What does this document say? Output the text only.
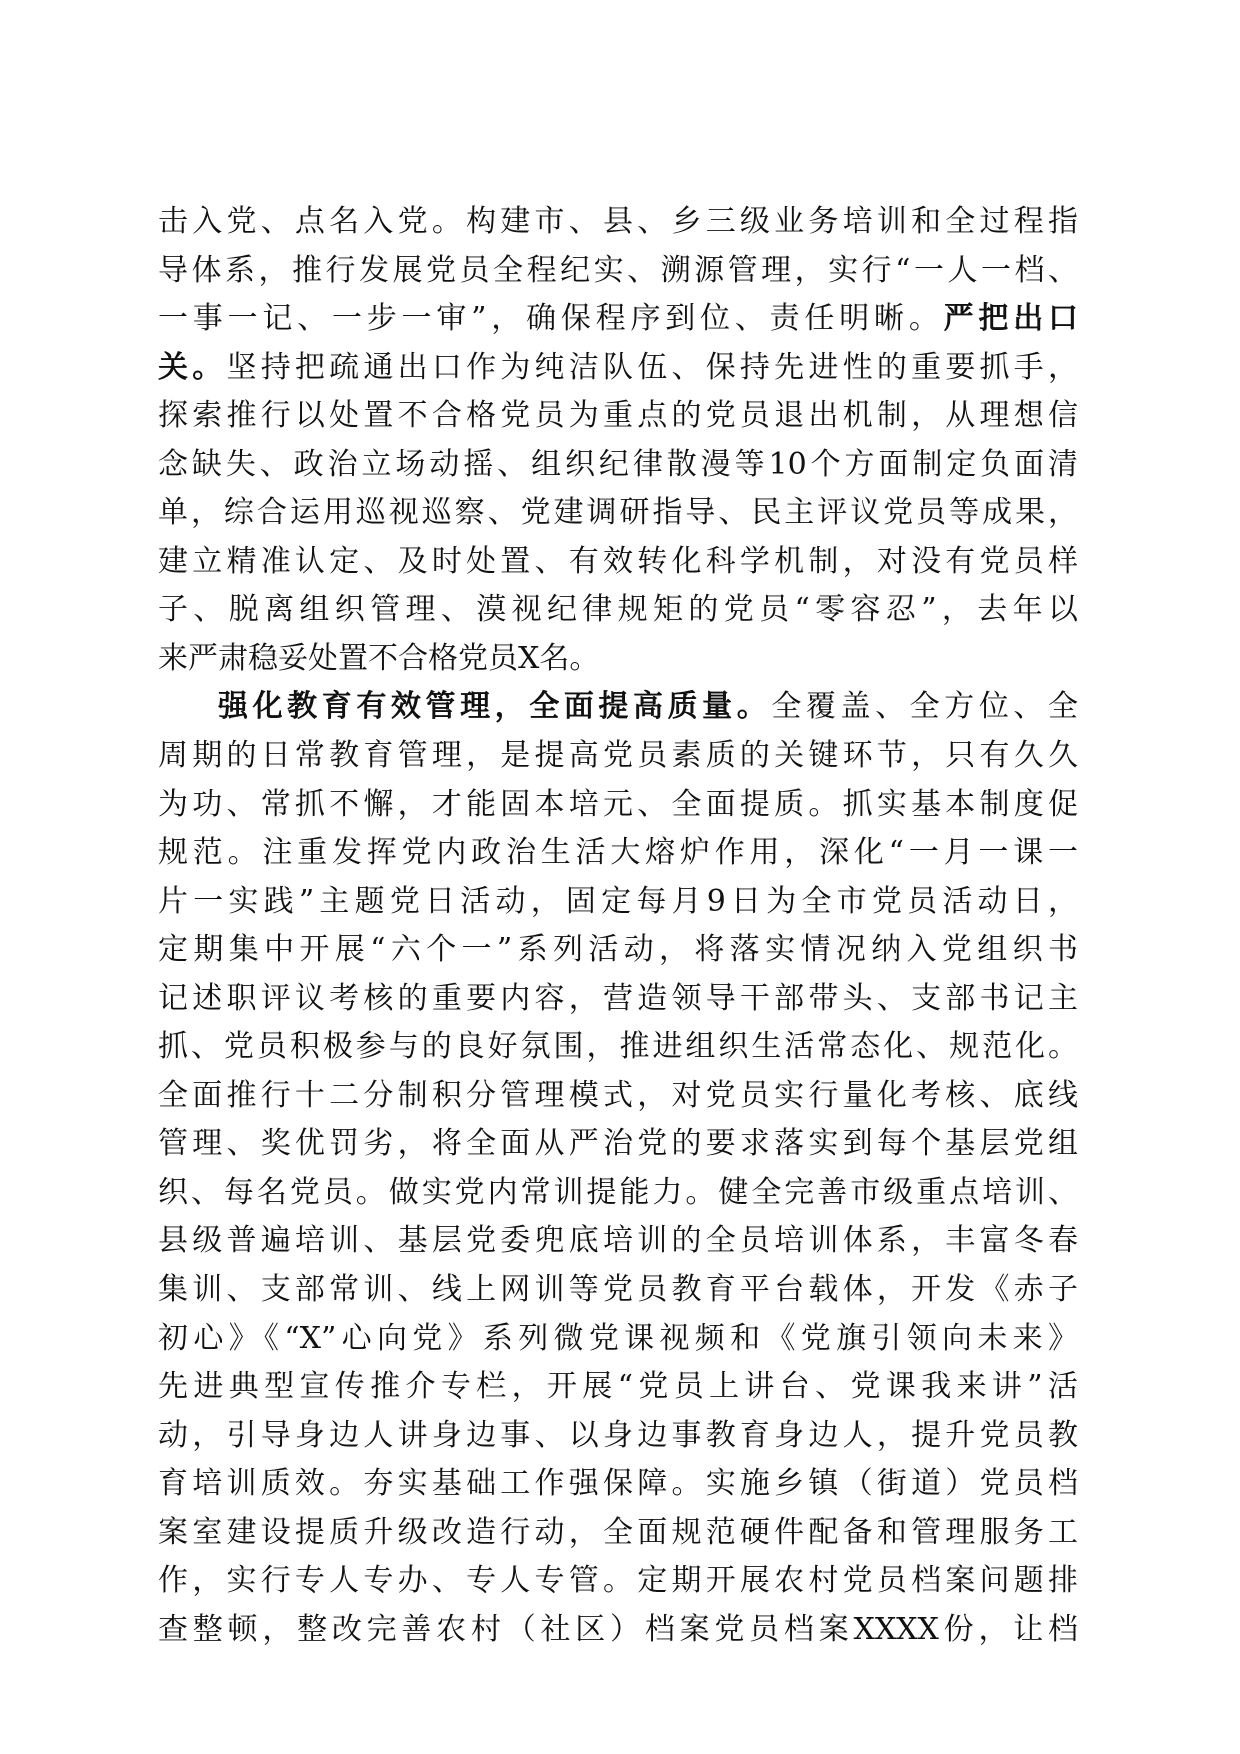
击入党、点名入党。构建市、县、乡三级业务培训和全过程指
导体系，推行发展党员全程纪实、溯源管理，实行“一人一档、
一事一记、一步一审”，确保程序到位、责任明晰。严把出口
关。坚持把疏通出口作为纯洁队伍、保持先进性的重要抓手，
探索推行以处置不合格党员为重点的党员退出机制，从理想信
念缺失、政治立场动摇、组织纪律散漫等10个方面制定负面清
单，综合运用巡视巡察、党建调研指导、民主评议党员等成果，
建立精准认定、及时处置、有效转化科学机制，对没有党员样
子、脱离组织管理、漠视纪律规矩的党员“零容忍”，去年以
来严肃稳妥处置不合格党员X名。
强化教育有效管理，全面提高质量。全覆盖、全方位、全
周期的日常教育管理，是提高党员素质的关键环节，只有久久
为功、常抓不懈，才能固本培元、全面提质。抓实基本制度促
规范。注重发挥党内政治生活大熔炉作用，深化“一月一课一
片一实践”主题党日活动，固定每月9日为全市党员活动日，
定期集中开展“六个一”系列活动，将落实情况纳入党组织书
记述职评议考核的重要内容，营造领导干部带头、支部书记主
抓、党员积极参与的良好氛围，推进组织生活常态化、规范化。
全面推行十二分制积分管理模式，对党员实行量化考核、底线
管理、奖优罚劣，将全面从严治党的要求落实到每个基层党组
织、每名党员。做实党内常训提能力。健全完善市级重点培训、
县级普遍培训、基层党委兜底培训的全员培训体系，丰富冬春
集训、支部常训、线上网训等党员教育平台载体，开发《赤子
初心》《“X”心向党》系列微党课视频和《党旗引领向未来》
先进典型宣传推介专栏，开展“党员上讲台、党课我来讲”活
动，引导身边人讲身边事、以身边事教育身边人，提升党员教
育培训质效。夯实基础工作强保障。实施乡镇（街道）党员档
案室建设提质升级改造行动，全面规范硬件配备和管理服务工
作，实行专人专办、专人专管。定期开展农村党员档案问题排
查整顿，整改完善农村（社区）档案党员档案XXXX份，让档
